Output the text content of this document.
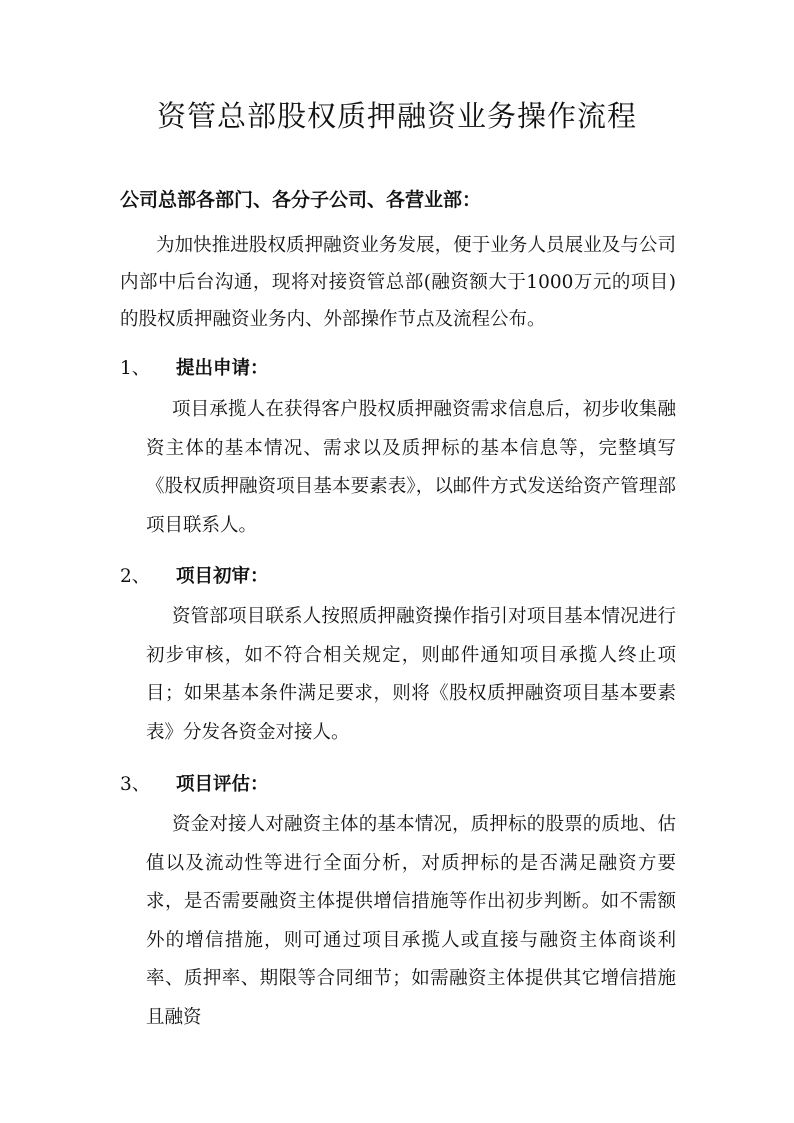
资管总部股权质押融资业务操作流程

公司总部各部门、各分子公司、各营业部：

为加快推进股权质押融资业务发展，便于业务人员展业及与公司内部中后台沟通，现将对接资管总部(融资额大于1000万元的项目)的股权质押融资业务内、外部操作节点及流程公布。

1、 提出申请：

项目承揽人在获得客户股权质押融资需求信息后，初步收集融资主体的基本情况、需求以及质押标的基本信息等，完整填写《股权质押融资项目基本要素表》，以邮件方式发送给资产管理部项目联系人。

2、 项目初审：

资管部项目联系人按照质押融资操作指引对项目基本情况进行初步审核，如不符合相关规定，则邮件通知项目承揽人终止项目；如果基本条件满足要求，则将《股权质押融资项目基本要素表》分发各资金对接人。

3、 项目评估：

资金对接人对融资主体的基本情况，质押标的股票的质地、估值以及流动性等进行全面分析，对质押标的是否满足融资方要求，是否需要融资主体提供增信措施等作出初步判断。如不需额外的增信措施，则可通过项目承揽人或直接与融资主体商谈利率、质押率、期限等合同细节；如需融资主体提供其它增信措施且融资
